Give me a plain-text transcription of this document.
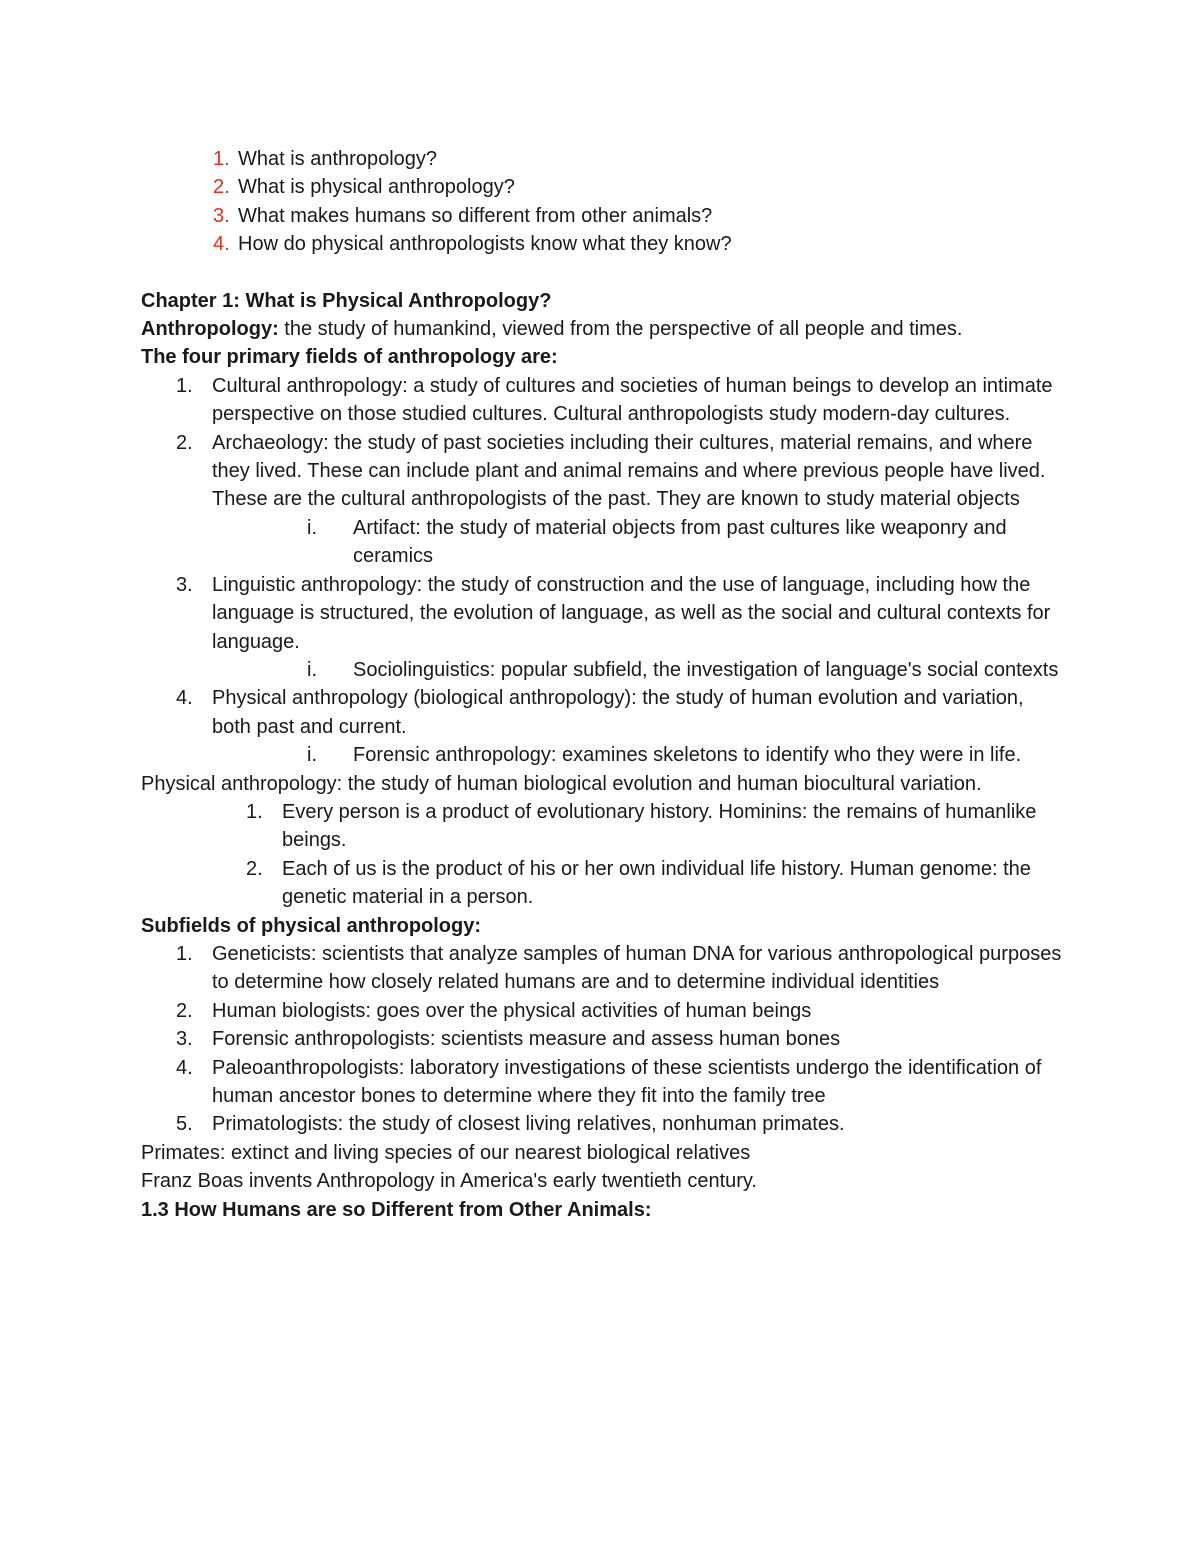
1. What is anthropology?
2. What is physical anthropology?
3. What makes humans so different from other animals?
4. How do physical anthropologists know what they know?
Chapter 1: What is Physical Anthropology?
Anthropology: the study of humankind, viewed from the perspective of all people and times.
The four primary fields of anthropology are:
1. Cultural anthropology: a study of cultures and societies of human beings to develop an intimate perspective on those studied cultures. Cultural anthropologists study modern-day cultures.
2. Archaeology: the study of past societies including their cultures, material remains, and where they lived. These can include plant and animal remains and where previous people have lived. These are the cultural anthropologists of the past. They are known to study material objects
i. Artifact: the study of material objects from past cultures like weaponry and ceramics
3. Linguistic anthropology: the study of construction and the use of language, including how the language is structured, the evolution of language, as well as the social and cultural contexts for language.
i. Sociolinguistics: popular subfield, the investigation of language's social contexts
4. Physical anthropology (biological anthropology): the study of human evolution and variation, both past and current.
i. Forensic anthropology: examines skeletons to identify who they were in life.
Physical anthropology: the study of human biological evolution and human biocultural variation.
1. Every person is a product of evolutionary history. Hominins: the remains of humanlike beings.
2. Each of us is the product of his or her own individual life history. Human genome: the genetic material in a person.
Subfields of physical anthropology:
1. Geneticists: scientists that analyze samples of human DNA for various anthropological purposes to determine how closely related humans are and to determine individual identities
2. Human biologists: goes over the physical activities of human beings
3. Forensic anthropologists: scientists measure and assess human bones
4. Paleoanthropologists: laboratory investigations of these scientists undergo the identification of human ancestor bones to determine where they fit into the family tree
5. Primatologists: the study of closest living relatives, nonhuman primates.
Primates: extinct and living species of our nearest biological relatives
Franz Boas invents Anthropology in America's early twentieth century.
1.3 How Humans are so Different from Other Animals:
